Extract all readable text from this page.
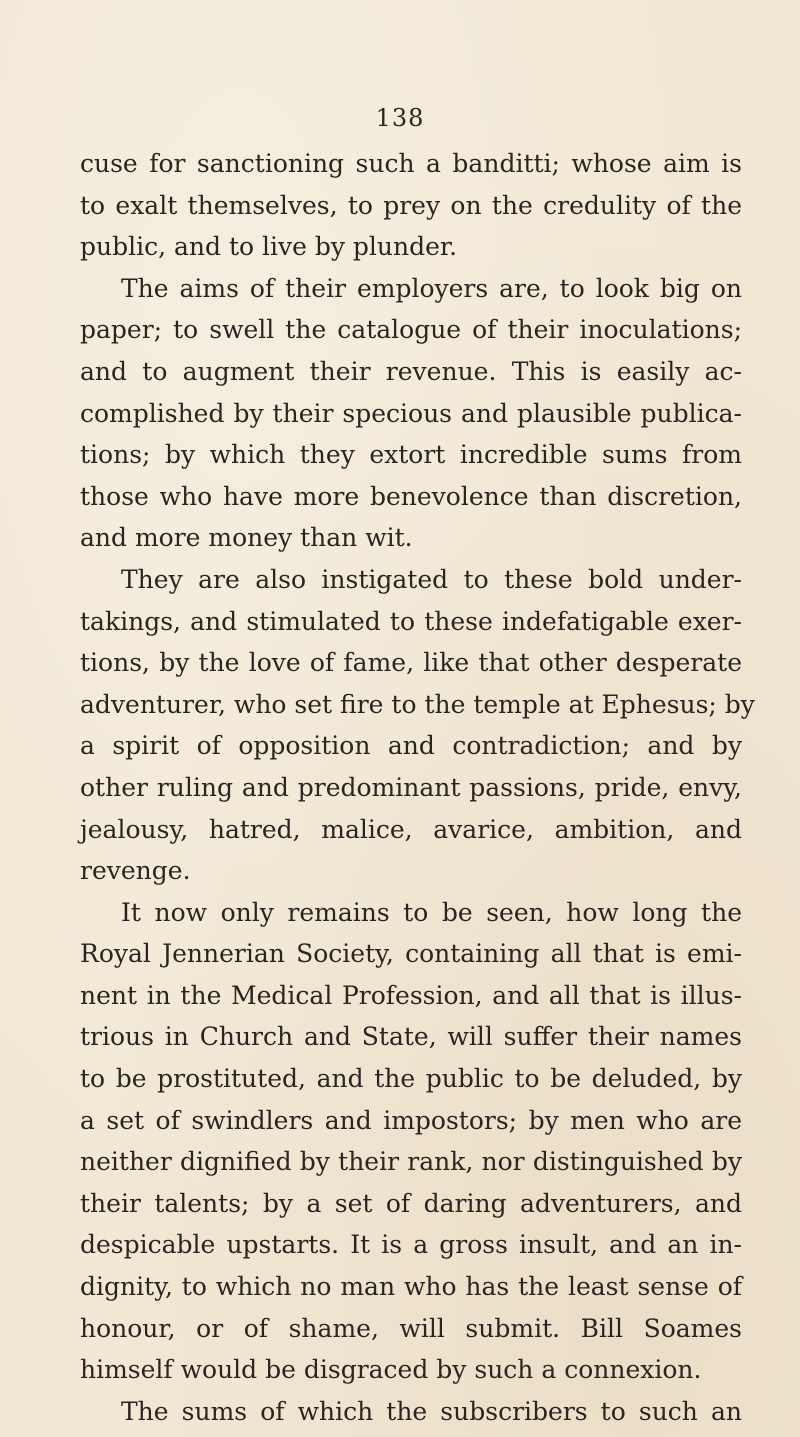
138
cuse for sanctioning such a banditti; whose aim is
to exalt themselves, to prey on the credulity of the
public, and to live by plunder.
The aims of their employers are, to look big on
paper; to swell the catalogue of their inoculations;
and to augment their revenue. This is easily ac-
complished by their specious and plausible publica-
tions; by which they extort incredible sums from
those who have more benevolence than discretion,
and more money than wit.
They are also instigated to these bold under-
takings, and stimulated to these indefatigable exer-
tions, by the love of fame, like that other desperate
adventurer, who set fire to the temple at Ephesus; by
a spirit of opposition and contradiction; and by
other ruling and predominant passions, pride, envy,
jealousy, hatred, malice, avarice, ambition, and
revenge.
It now only remains to be seen, how long the
Royal Jennerian Society, containing all that is emi-
nent in the Medical Profession, and all that is illus-
trious in Church and State, will suffer their names
to be prostituted, and the public to be deluded, by
a set of swindlers and impostors; by men who are
neither dignified by their rank, nor distinguished by
their talents; by a set of daring adventurers, and
despicable upstarts. It is a gross insult, and an in-
dignity, to which no man who has the least sense of
honour, or of shame, will submit. Bill Soames
himself would be disgraced by such a connexion.
The sums of which the subscribers to such an
